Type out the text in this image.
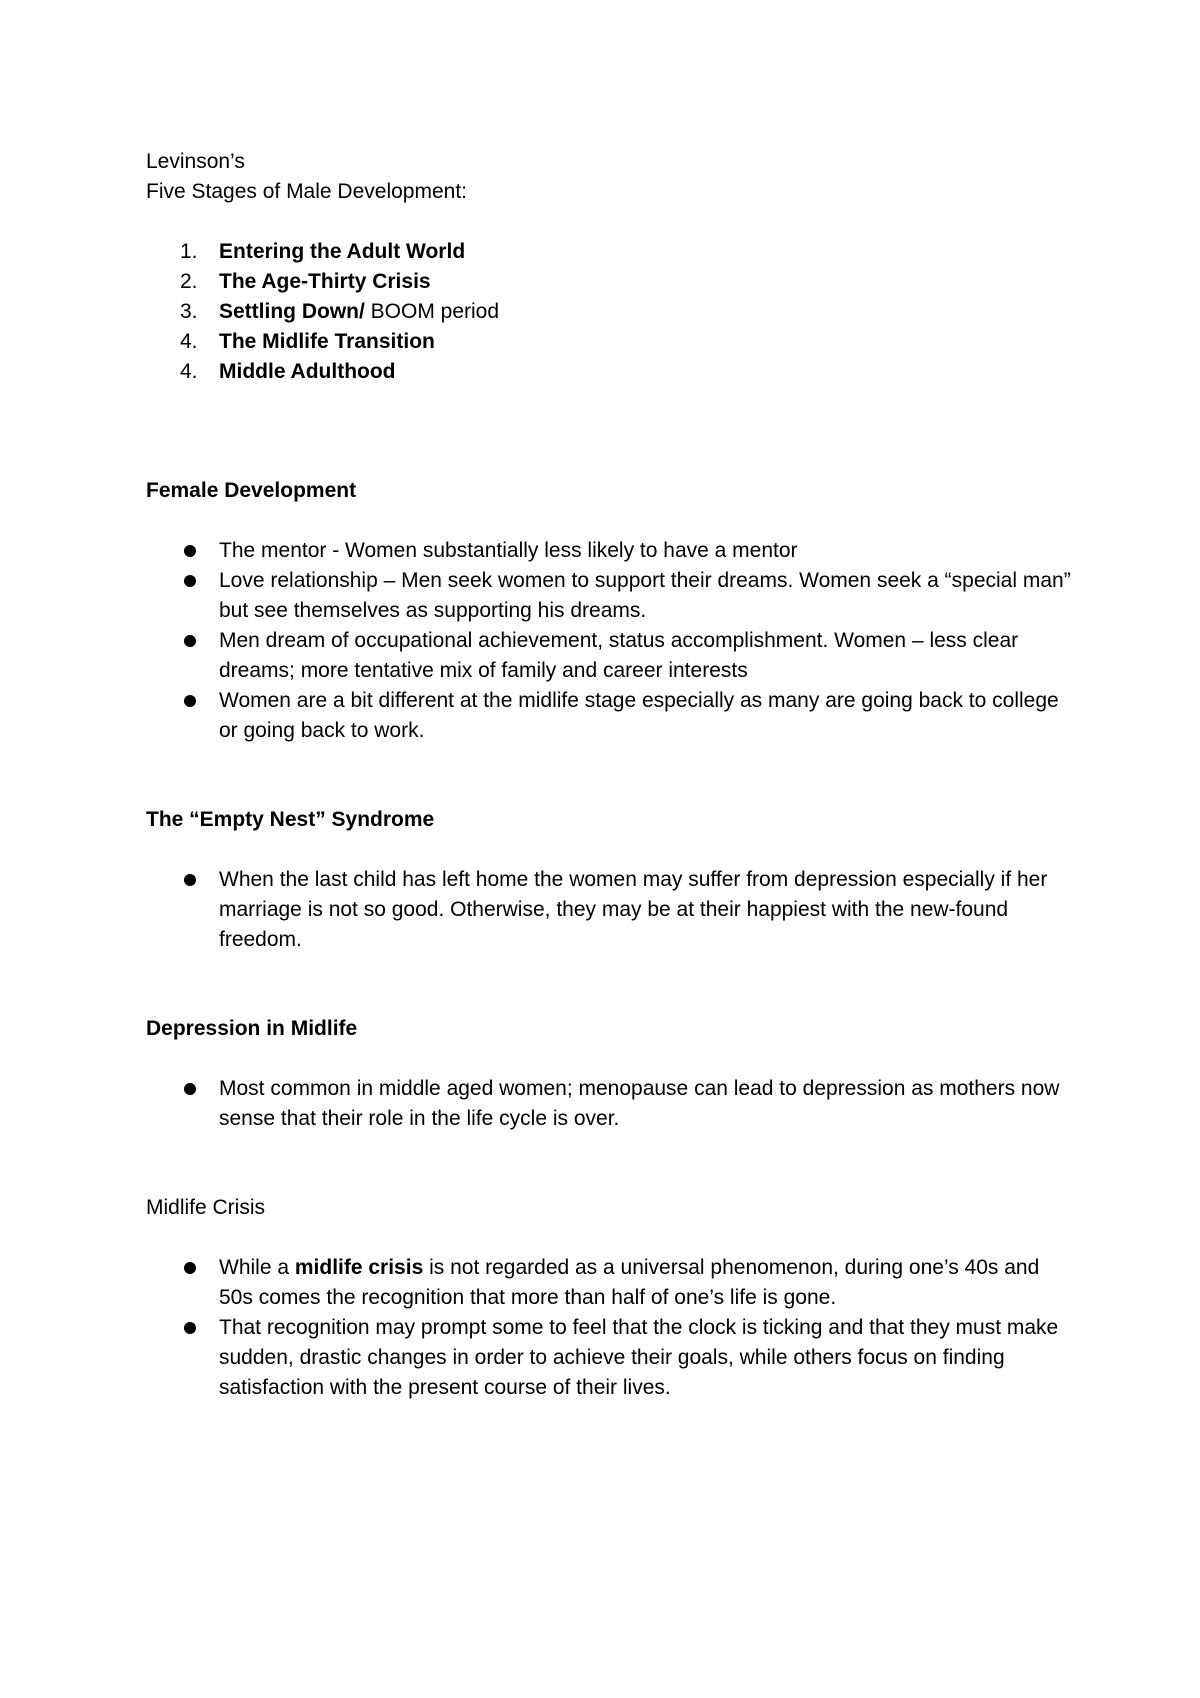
Levinson’s

Five Stages of Male Development:

1. Entering the Adult World
2. The Age-Thirty Crisis
3. Settling Down/ BOOM period
4. The Midlife Transition
4. Middle Adulthood

Female Development

The mentor - Women substantially less likely to have a mentor
Love relationship – Men seek women to support their dreams. Women seek a “special man” but see themselves as supporting his dreams.
Men dream of occupational achievement, status accomplishment. Women – less clear dreams; more tentative mix of family and career interests
Women are a bit different at the midlife stage especially as many are going back to college or going back to work.

The “Empty Nest” Syndrome

When the last child has left home the women may suffer from depression especially if her marriage is not so good. Otherwise, they may be at their happiest with the new-found freedom.

Depression in Midlife

Most common in middle aged women; menopause can lead to depression as mothers now sense that their role in the life cycle is over.

Midlife Crisis

While a midlife crisis is not regarded as a universal phenomenon, during one’s 40s and 50s comes the recognition that more than half of one’s life is gone.
That recognition may prompt some to feel that the clock is ticking and that they must make sudden, drastic changes in order to achieve their goals, while others focus on finding satisfaction with the present course of their lives.
